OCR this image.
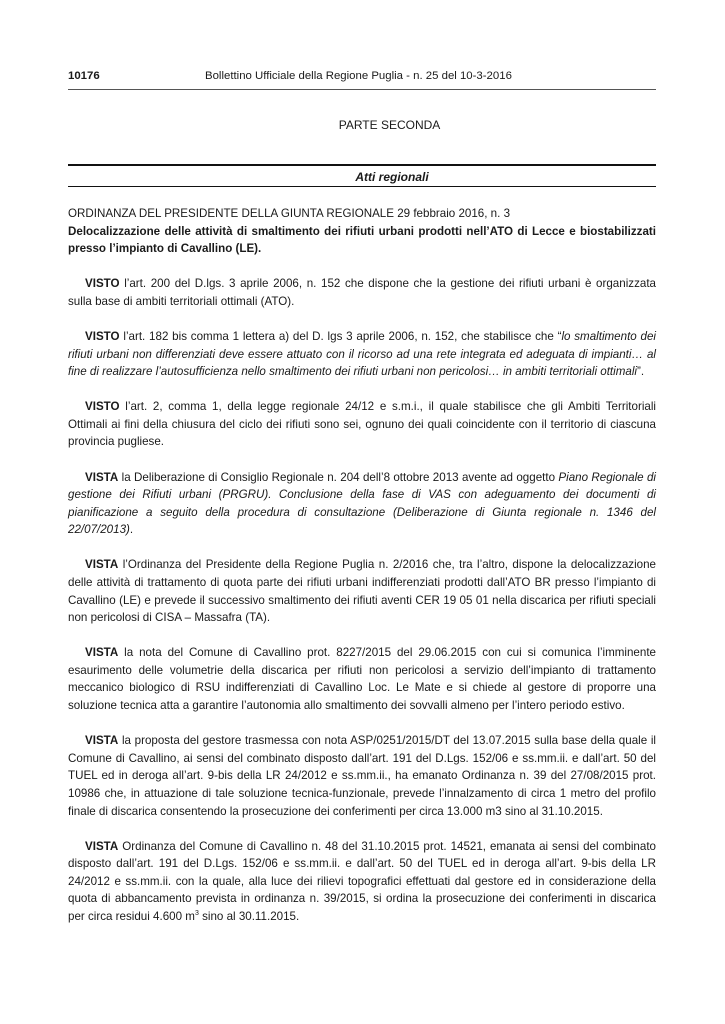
10176	Bollettino Ufficiale della Regione Puglia - n. 25 del 10-3-2016
PARTE SECONDA
Atti regionali

ORDINANZA DEL PRESIDENTE DELLA GIUNTA REGIONALE 29 febbraio 2016, n. 3

Delocalizzazione delle attività di smaltimento dei rifiuti urbani prodotti nell’ATO di Lecce e biostabilizzati presso l’impianto di Cavallino (LE).

VISTO l’art. 200 del D.lgs. 3 aprile 2006, n. 152 che dispone che la gestione dei rifiuti urbani è organizzata sulla base di ambiti territoriali ottimali (ATO).

VISTO l’art. 182 bis comma 1 lettera a) del D. lgs 3 aprile 2006, n. 152, che stabilisce che “lo smaltimento dei rifiuti urbani non differenziati deve essere attuato con il ricorso ad una rete integrata ed adeguata di impianti… al fine di realizzare l’autosufficienza nello smaltimento dei rifiuti urbani non pericolosi… in ambiti territoriali ottimali”.

VISTO l’art. 2, comma 1, della legge regionale 24/12 e s.m.i., il quale stabilisce che gli Ambiti Territoriali Ottimali ai fini della chiusura del ciclo dei rifiuti sono sei, ognuno dei quali coincidente con il territorio di ciascuna provincia pugliese.

VISTA la Deliberazione di Consiglio Regionale n. 204 dell’8 ottobre 2013 avente ad oggetto Piano Regionale di gestione dei Rifiuti urbani (PRGRU). Conclusione della fase di VAS con adeguamento dei documenti di pianificazione a seguito della procedura di consultazione (Deliberazione di Giunta regionale n. 1346 del 22/07/2013).

VISTA l’Ordinanza del Presidente della Regione Puglia n. 2/2016 che, tra l’altro, dispone la delocalizzazione delle attività di trattamento di quota parte dei rifiuti urbani indifferenziati prodotti dall’ATO BR presso l’impianto di Cavallino (LE) e prevede il successivo smaltimento dei rifiuti aventi CER 19 05 01 nella discarica per rifiuti speciali non pericolosi di CISA – Massafra (TA).

VISTA la nota del Comune di Cavallino prot. 8227/2015 del 29.06.2015 con cui si comunica l’imminente esaurimento delle volumetrie della discarica per rifiuti non pericolosi a servizio dell’impianto di trattamento meccanico biologico di RSU indifferenziati di Cavallino Loc. Le Mate e si chiede al gestore di proporre una soluzione tecnica atta a garantire l’autonomia allo smaltimento dei sovvalli almeno per l’intero periodo estivo.

VISTA la proposta del gestore trasmessa con nota ASP/0251/2015/DT del 13.07.2015 sulla base della quale il Comune di Cavallino, ai sensi del combinato disposto dall’art. 191 del D.Lgs. 152/06 e ss.mm.ii. e dall’art. 50 del TUEL ed in deroga all’art. 9-bis della LR 24/2012 e ss.mm.ii., ha emanato Ordinanza n. 39 del 27/08/2015 prot. 10986 che, in attuazione di tale soluzione tecnica-funzionale, prevede l’innalzamento di circa 1 metro del profilo finale di discarica consentendo la prosecuzione dei conferimenti per circa 13.000 m3 sino al 31.10.2015.

VISTA Ordinanza del Comune di Cavallino n. 48 del 31.10.2015 prot. 14521, emanata ai sensi del combinato disposto dall’art. 191 del D.Lgs. 152/06 e ss.mm.ii. e dall’art. 50 del TUEL ed in deroga all’art. 9-bis della LR 24/2012 e ss.mm.ii. con la quale, alla luce dei rilievi topografici effettuati dal gestore ed in considerazione della quota di abbancamento prevista in ordinanza n. 39/2015, si ordina la prosecuzione dei conferimenti in discarica per circa residui 4.600 $m^3$ sino al 30.11.2015.
